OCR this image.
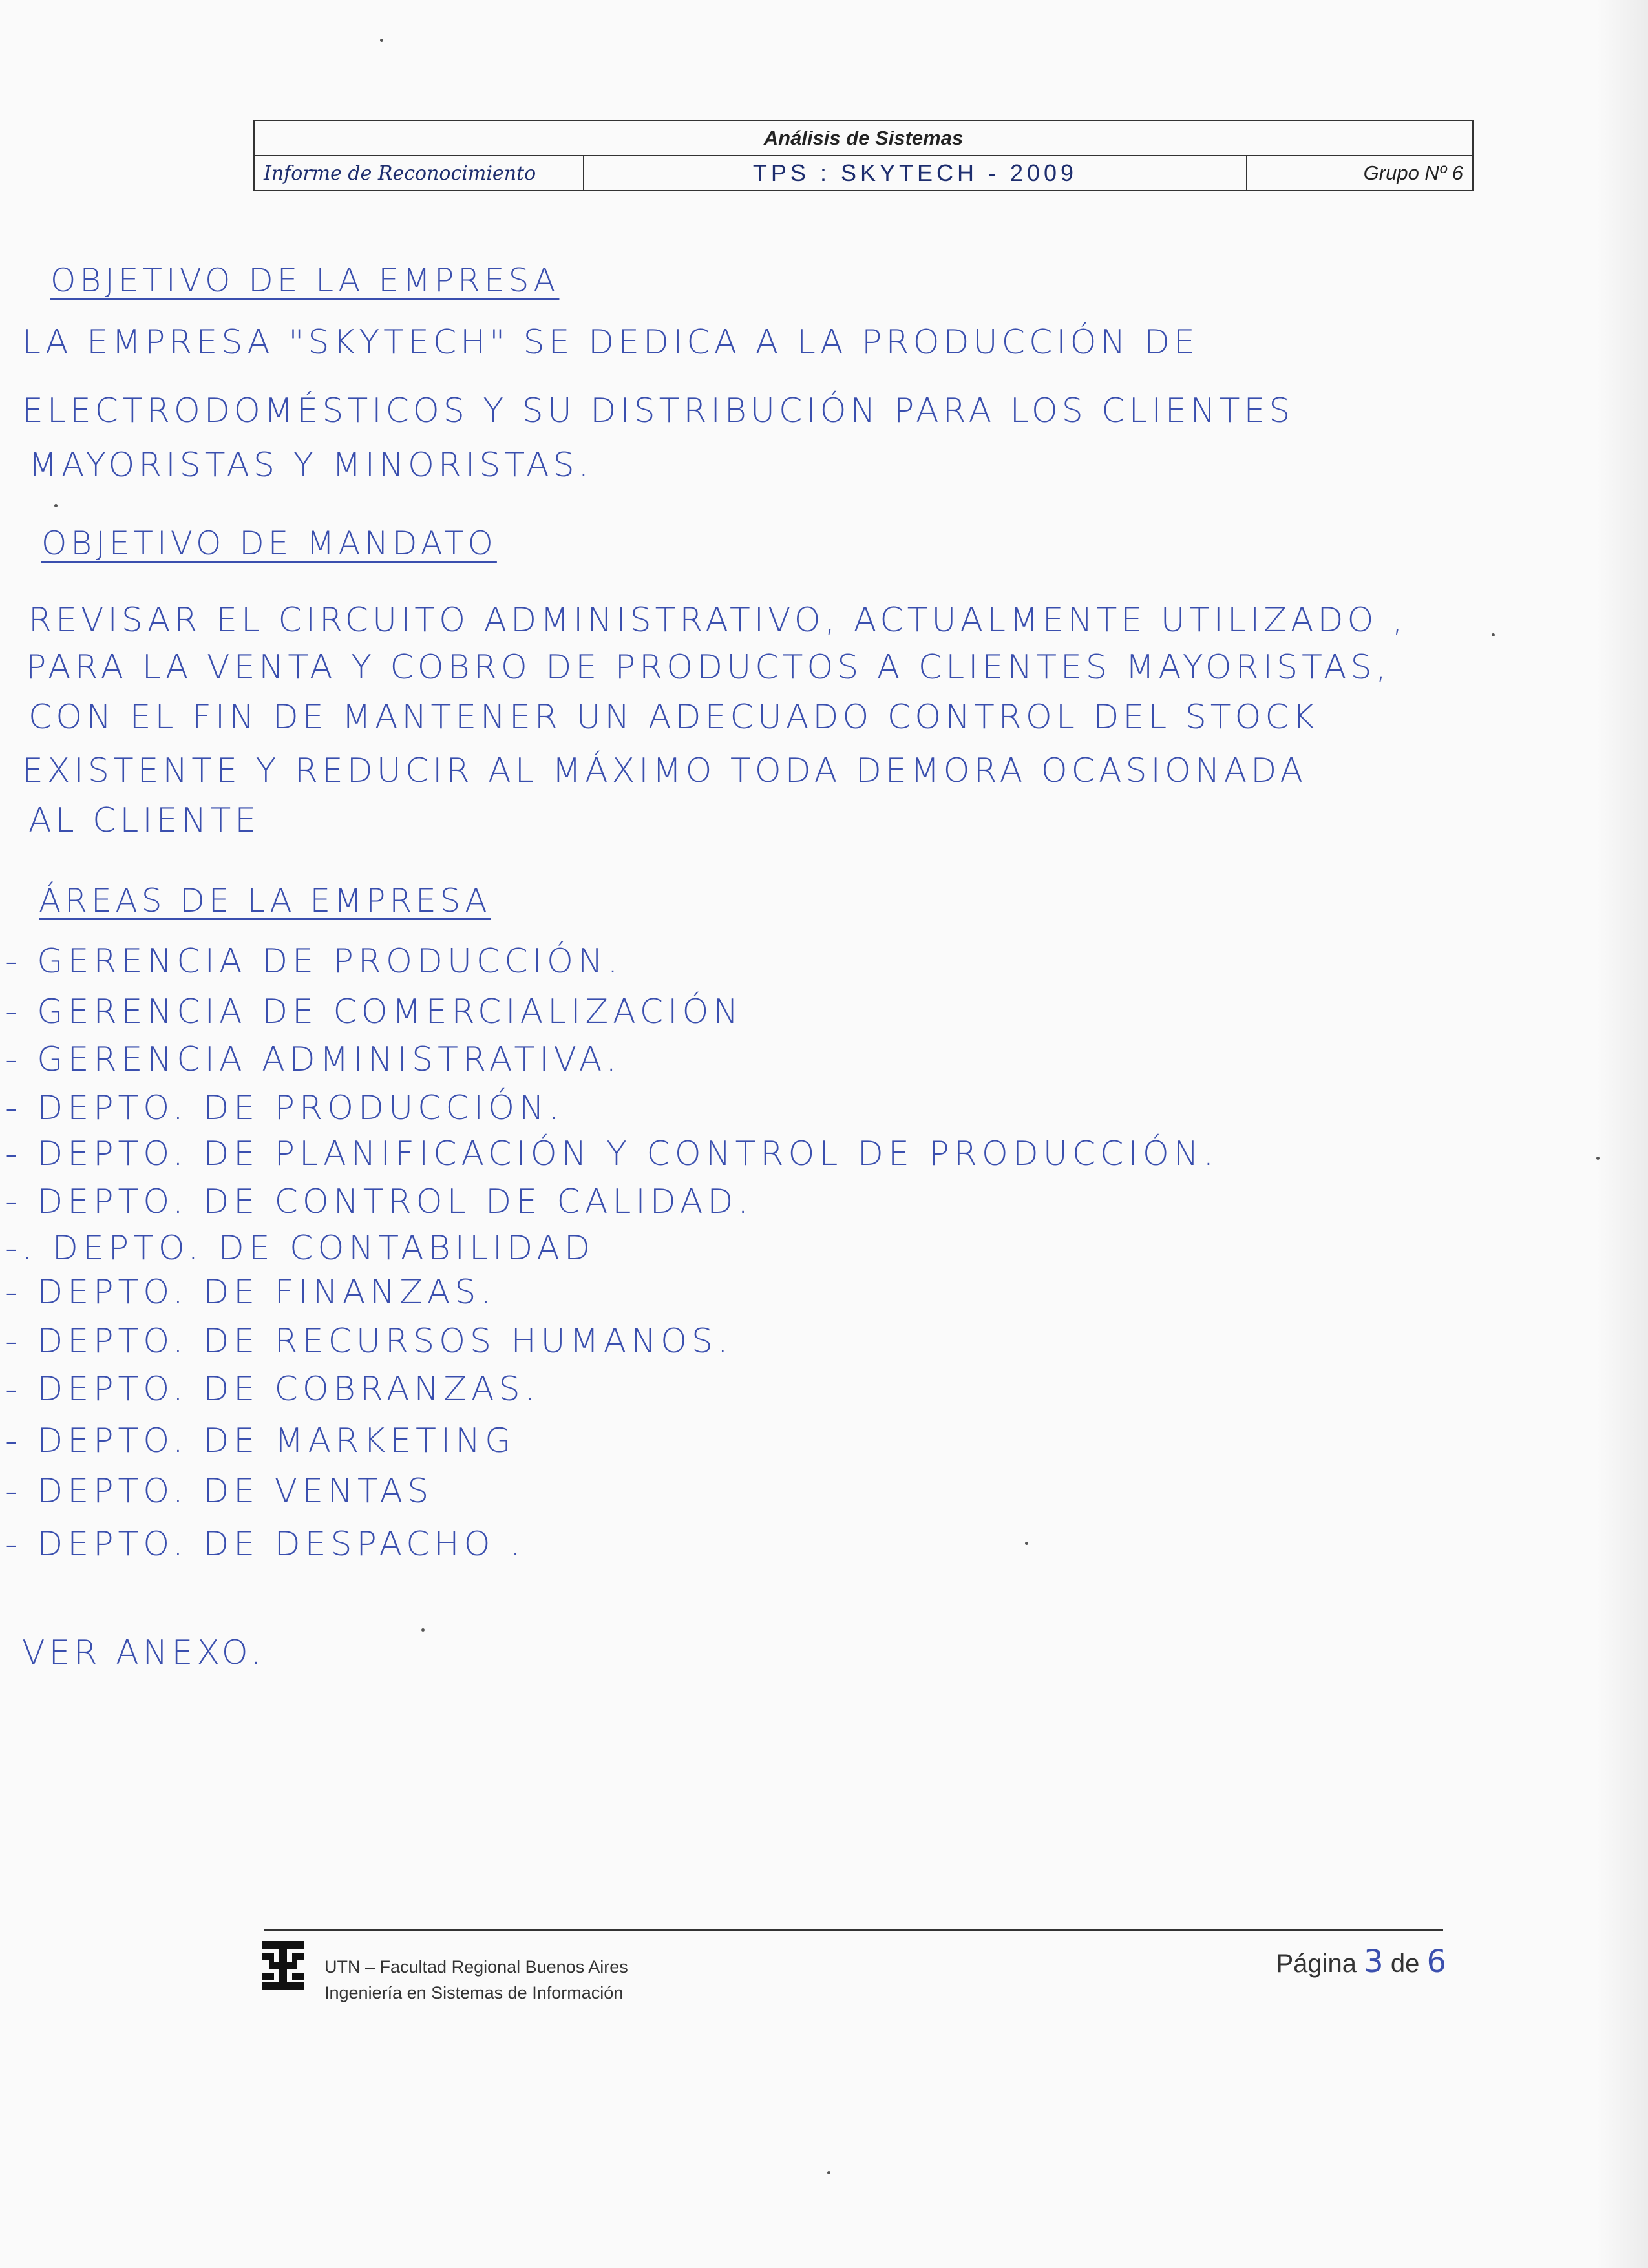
Análisis de Sistemas
Informe de Reconocimiento	TPS : SKYTECH - 2009	Grupo Nº 6
OBJETIVO DE LA EMPRESA
LA EMPRESA "SKYTECH" SE DEDICA A LA PRODUCCIÓN DE
ELECTRODOMÉSTICOS Y SU DISTRIBUCIÓN PARA LOS CLIENTES
MAYORISTAS Y MINORISTAS.
OBJETIVO DE MANDATO
REVISAR EL CIRCUITO ADMINISTRATIVO, ACTUALMENTE UTILIZADO ,
PARA LA VENTA Y COBRO DE PRODUCTOS A CLIENTES MAYORISTAS,
CON EL FIN DE MANTENER UN ADECUADO CONTROL DEL STOCK
EXISTENTE Y REDUCIR AL MÁXIMO TODA DEMORA OCASIONADA
AL CLIENTE
ÁREAS DE LA EMPRESA
- GERENCIA DE PRODUCCIÓN.
- GERENCIA DE COMERCIALIZACIÓN
- GERENCIA ADMINISTRATIVA.
- DEPTO. DE PRODUCCIÓN.
- DEPTO. DE PLANIFICACIÓN Y CONTROL DE PRODUCCIÓN.
- DEPTO. DE CONTROL DE CALIDAD.
-. DEPTO. DE CONTABILIDAD
- DEPTO. DE FINANZAS.
- DEPTO. DE RECURSOS HUMANOS.
- DEPTO. DE COBRANZAS.
- DEPTO. DE MARKETING
- DEPTO. DE VENTAS
- DEPTO. DE DESPACHO .
VER ANEXO.
UTN – Facultad Regional Buenos Aires
Ingeniería en Sistemas de Información
Página 3 de 6
